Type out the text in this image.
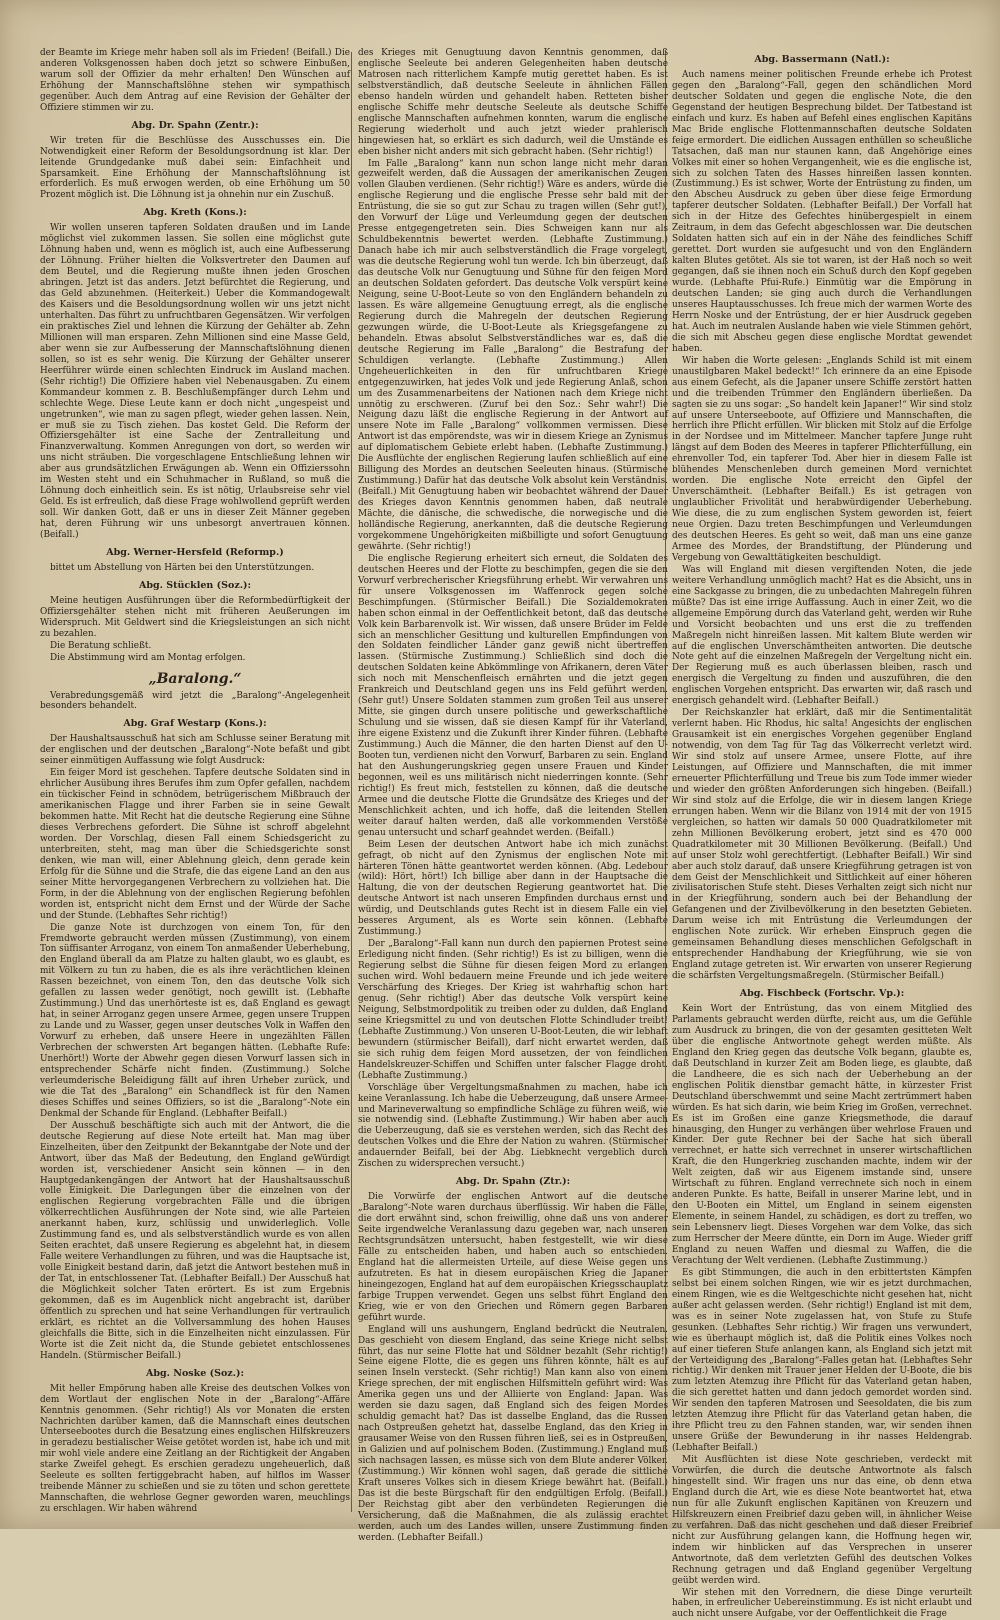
der Beamte im Kriege mehr haben soll als im Frieden! (Beifall.) Die anderen Volksgenossen haben doch jetzt so schwere Einbußen, warum soll der Offizier da mehr erhalten! Den Wünschen auf Erhöhung der Mannschaftslöhne stehen wir sympathisch gegenüber. Auch dem Antrag auf eine Revision der Gehälter der Offiziere stimmen wir zu.

Abg. Dr. Spahn (Zentr.):

Wir treten für die Beschlüsse des Ausschusses ein. Die Notwendigkeit einer Reform der Besoldungsordnung ist klar. Der leitende Grundgedanke muß dabei sein: Einfachheit und Sparsamkeit. Eine Erhöhung der Mannschaftslöhnung ist erforderlich. Es muß erwogen werden, ob eine Erhöhung um 50 Prozent möglich ist. Die Löhnung ist ja ohnehin nur ein Zuschuß.

Abg. Kreth (Kons.):

Wir wollen unseren tapferen Soldaten draußen und im Lande möglichst viel zukommen lassen. Sie sollen eine möglichst gute Löhnung haben und, wenn es möglich ist, auch eine Aufbesserung der Löhnung. Früher hielten die Volksvertreter den Daumen auf dem Beutel, und die Regierung mußte ihnen jeden Groschen abringen. Jetzt ist das anders. Jetzt befürchtet die Regierung, und das Geld abzunehmen. (Heiterkeit.) Ueber die Kommandogewalt des Kaisers und die Besoldungsordnung wollen wir uns jetzt nicht unterhalten. Das führt zu unfruchtbaren Gegensätzen. Wir verfolgen ein praktisches Ziel und lehnen die Kürzung der Gehälter ab. Zehn Millionen will man ersparen. Zehn Millionen sind eine Masse Geld, aber wenn sie zur Aufbesserung der Mannschaftslöhnung dienen sollen, so ist es sehr wenig. Die Kürzung der Gehälter unserer Heerführer würde einen schlechten Eindruck im Ausland machen. (Sehr richtig!) Die Offiziere haben viel Nebenausgaben. Zu einem Kommandeur kommen z. B. Beschlußempfänger durch Lehm und schlechte Wege. Diese Leute kann er doch nicht „ungespeist und ungetrunken“, wie man zu sagen pflegt, wieder gehen lassen. Nein, er muß sie zu Tisch ziehen. Das kostet Geld. Die Reform der Offiziersgehälter ist eine Sache der Zentralleitung und Finanzverwaltung. Kommen Anregungen von dort, so werden wir uns nicht sträuben. Die vorgeschlagene Entschließung lehnen wir aber aus grundsätzlichen Erwägungen ab. Wenn ein Offizierssohn im Westen steht und ein Schuhmacher in Rußland, so muß die Löhnung doch einheitlich sein. Es ist nötig, Urlaubsreise sehr viel Geld. Es ist erfreulich, daß diese Frage wohlwollend geprüft werden soll. Wir danken Gott, daß er uns in dieser Zeit Männer gegeben hat, deren Führung wir uns unbesorgt anvertrauen können. (Beifall.)

Abg. Werner-Hersfeld (Reformp.)

bittet um Abstellung von Härten bei den Unterstützungen.

Abg. Stücklen (Soz.):

Meine heutigen Ausführungen über die Reformbedürftigkeit der Offiziersgehälter stehen nicht mit früheren Aeußerungen im Widerspruch. Mit Geldwert sind die Kriegsleistungen an sich nicht zu bezahlen.

Die Beratung schließt.

Die Abstimmung wird am Montag erfolgen.

„Baralong.“

Verabredungsgemäß wird jetzt die „Baralong“-Angelegenheit besonders behandelt.

Abg. Graf Westarp (Kons.):

Der Haushaltsausschuß hat sich am Schlusse seiner Beratung mit der englischen und der deutschen „Baralong“-Note befaßt und gibt seiner einmütigen Auffassung wie folgt Ausdruck:

Ein feiger Mord ist geschehen. Tapfere deutsche Soldaten sind in ehrlicher Ausübung ihres Berufes ihm zum Opfer gefallen, nachdem ein tückischer Feind in schnödem, betrügerischem Mißbrauch der amerikanischen Flagge und ihrer Farben sie in seine Gewalt bekommen hatte. Mit Recht hat die deutsche Regierung eine Sühne dieses Verbrechens gefordert. Die Sühne ist schroff abgelehnt worden. Der Vorschlag, diesen Fall einem Schiedsgericht zu unterbreiten, steht, mag man über die Schiedsgerichte sonst denken, wie man will, einer Ablehnung gleich, denn gerade kein Erfolg für die Sühne und die Strafe, die das eigene Land an den aus seiner Mitte hervorgegangenen Verbrechern zu vollziehen hat. Die Form, in der die Ablehnung von der englischen Regierung befohlen worden ist, entspricht nicht dem Ernst und der Würde der Sache und der Stunde. (Lebhaftes Sehr richtig!)

Die ganze Note ist durchzogen von einem Ton, für den Fremdworte gebraucht werden müssen (Zustimmung), von einem Ton süffisanter Arroganz, von einem Ton anmaßender Ueberhebung, den England überall da am Platze zu halten glaubt, wo es glaubt, es mit Völkern zu tun zu haben, die es als ihre verächtlichen kleinen Rassen bezeichnet, von einem Ton, den das deutsche Volk sich gefallen zu lassen weder genötigt, noch gewillt ist. (Lebhafte Zustimmung.) Und das unerhörteste ist es, daß England es gewagt hat, in seiner Arroganz gegen unsere Armee, gegen unsere Truppen zu Lande und zu Wasser, gegen unser deutsches Volk in Waffen den Vorwurf zu erheben, daß unsere Heere in ungezählten Fällen Verbrechen der schwersten Art begangen hätten. (Lebhafte Rufe: Unerhört!) Worte der Abwehr gegen diesen Vorwurf lassen sich in entsprechender Schärfe nicht finden. (Zustimmung.) Solche verleumderische Beleidigung fällt auf ihren Urheber zurück, und wie die Tat des „Baralong“ ein Schandfleck ist für den Namen dieses Schiffes und seines Offiziers, so ist die „Baralong“-Note ein Denkmal der Schande für England. (Lebhafter Beifall.)

Der Ausschuß beschäftigte sich auch mit der Antwort, die die deutsche Regierung auf diese Note erteilt hat. Man mag über Einzelheiten, über den Zeitpunkt der Bekanntgabe der Note und der Antwort, über das Maß der Bedeutung, den England geWürdigt worden ist, verschiedener Ansicht sein können — in den Hauptgedankengängen der Antwort hat der Haushaltsausschuß volle Einigkeit. Die Darlegungen über die einzelnen von der englischen Regierung vorgebrachten Fälle und die übrigen völkerrechtlichen Ausführungen der Note sind, wie alle Parteien anerkannt haben, kurz, schlüssig und unwiderleglich. Volle Zustimmung fand es, und als selbstverständlich wurde es von allen Seiten erachtet, daß unsere Regierung es abgelehnt hat, in diesem Falle weitere Verhandlungen zu führen, und was die Hauptsache ist, volle Einigkeit bestand darin, daß jetzt die Antwort bestehen muß in der Tat, in entschlossener Tat. (Lebhafter Beifall.) Der Ausschuß hat die Möglichkeit solcher Taten erörtert. Es ist zum Ergebnis gekommen, daß es im Augenblick nicht angebracht ist, darüber öffentlich zu sprechen und hat seine Verhandlungen für vertraulich erklärt, es richtet an die Vollversammlung des hohen Hauses gleichfalls die Bitte, sich in die Einzelheiten nicht einzulassen. Für Worte ist die Zeit nicht da, die Stunde gebietet entschlossenes Handeln. (Stürmischer Beifall.)

Abg. Noske (Soz.):

Mit heller Empörung haben alle Kreise des deutschen Volkes von dem Wortlaut der englischen Note in der „Baralong“-Affäre Kenntnis genommen. (Sehr richtig!) Als vor Monaten die ersten Nachrichten darüber kamen, daß die Mannschaft eines deutschen Unterseebootes durch die Besatzung eines englischen Hilfskreuzers in geradezu bestialischer Weise getötet worden ist, habe ich und mit mir wohl viele andere eine Zeitlang an der Richtigkeit der Angaben starke Zweifel gehegt. Es erschien geradezu ungeheuerlich, daß Seeleute es sollten fertiggebracht haben, auf hilflos im Wasser treibende Männer zu schießen und sie zu töten und schon gerettete Mannschaften, die wehrlose Gegner geworden waren, meuchlings zu erschlagen. Wir haben während

des Krieges mit Genugtuung davon Kenntnis genommen, daß englische Seeleute bei anderen Gelegenheiten haben deutsche Matrosen nach ritterlichem Kampfe mutig gerettet haben. Es ist selbstverständlich, daß deutsche Seeleute in ähnlichen Fällen ebenso handeln würden und gehandelt haben. Retteten bisher englische Schiffe mehr deutsche Seeleute als deutsche Schiffe englische Mannschaften aufnehmen konnten, warum die englische Regierung wiederholt und auch jetzt wieder prahlerisch hingewiesen hat, so erklärt es sich dadurch, weil die Umstände es eben bisher nicht anders mit sich gebracht haben. (Sehr richtig!)

Im Falle „Baralong“ kann nun schon lange nicht mehr daran gezweifelt werden, daß die Aussagen der amerikanischen Zeugen vollen Glauben verdienen. (Sehr richtig!) Wäre es anders, würde die englische Regierung und die englische Presse sehr bald mit der Entrüstung, die sie so gut zur Schau zu tragen willen (Sehr gut!), den Vorwurf der Lüge und Verleumdung gegen der deutschen Presse entgegengetreten sein. Dies Schweigen kann nur als Schuldbekenntnis bewertet werden. (Lebhafte Zustimmung.) Danach habe ich mir auch selbstverständlich die Frage vorgelegt, was die deutsche Regierung wohl tun werde. Ich bin überzeugt, daß das deutsche Volk nur Genugtuung und Sühne für den feigen Mord an deutschen Soldaten gefordert. Das deutsche Volk verspürt keine Neigung, seine U-Boot-Leute so von den Engländern behandeln zu lassen. Es wäre allgemeine Genugtuung erregt, als die englische Regierung durch die Mahregeln der deutschen Regierung gezwungen würde, die U-Boot-Leute als Kriegsgefangene zu behandeln. Etwas absolut Selbstverständliches war es, daß die deutsche Regierung im Falle „Baralong“ die Bestrafung der Schuldigen verlangte. (Lebhafte Zustimmung.) Allen Ungeheuerlichkeiten in den für unfruchtbaren Kriege entgegenzuwirken, hat jedes Volk und jede Regierung Anlaß, schon um des Zusammenarbeitens der Nationen nach dem Kriege nicht unnötig zu erschweren. (Zuruf bei den Soz.: Sehr wahr!) Die Neigung dazu läßt die englische Regierung in der Antwort auf unsere Note im Falle „Baralong“ vollkommen vermissen. Diese Antwort ist das empörendste, was wir in diesem Kriege an Zynismus auf diplomatischem Gebiete erlebt haben. (Lebhafte Zustimmung.) Die Ausflüchte der englischen Regierung laufen schließlich auf eine Billigung des Mordes an deutschen Seeleuten hinaus. (Stürmische Zustimmung.) Dafür hat das deutsche Volk absolut kein Verständnis. (Beifall.) Mit Genugtuung haben wir beobachtet während der Dauer des Krieges davon Kenntnis genommen haben, daß neutrale Mächte, die dänische, die schwedische, die norwegische und die holländische Regierung, anerkannten, daß die deutsche Regierung vorgekommene Ungehörigkeiten mißbilligte und sofort Genugtuung gewährte. (Sehr richtig!)

Die englische Regierung erheitert sich erneut, die Soldaten des deutschen Heeres und der Flotte zu beschimpfen, gegen die sie den Vorwurf verbrecherischer Kriegsführung erhebt. Wir verwahren uns für unsere Volksgenossen im Waffenrock gegen solche Beschimpfungen. (Stürmischer Beifall.) Die Sozialdemokraten haben schon einmal in der Oeffentlichkeit betont, daß das deutsche Volk kein Barbarenvolk ist. Wir wissen, daß unsere Brüder im Felde sich an menschlicher Gesittung und kulturellen Empfindungen von den Soldaten feindlicher Länder ganz gewiß nicht übertreffen lassen. (Stürmische Zustimmung.) Schließlich sind doch die deutschen Soldaten keine Abkömmlinge von Afrikanern, deren Väter sich noch mit Menschenfleisch ernährten und die jetzt gegen Frankreich und Deutschland gegen uns ins Feld geführt werden. (Sehr gut!) Unsere Soldaten stammen zum großen Teil aus unserer Mitte, sie gingen durch unsere politische und gewerkschaftliche Schulung und sie wissen, daß sie diesen Kampf für ihr Vaterland, ihre eigene Existenz und die Zukunft ihrer Kinder führen. (Lebhafte Zustimmung.) Auch die Männer, die den harten Dienst auf den U-Booten tun, verdienen nicht den Vorwurf, Barbaren zu sein. England hat den Aushungerungskrieg gegen unsere Frauen und Kinder begonnen, weil es uns militärisch nicht niederringen konnte. (Sehr richtig!) Es freut mich, feststellen zu können, daß die deutsche Armee und die deutsche Flotte die Grundsätze des Krieges und der Menschlichkeit achten, und ich hoffe, daß die leitenden Stellen weiter darauf halten werden, daß alle vorkommenden Verstöße genau untersucht und scharf geahndet werden. (Beifall.)

Beim Lesen der deutschen Antwort habe ich mich zunächst gefragt, ob nicht auf den Zynismus der englischen Note mit härteren Tönen hätte geantwortet werden können. (Abg. Ledebour (wild): Hört, hört!) Ich billige aber dann in der Hauptsache die Haltung, die von der deutschen Regierung geantwortet hat. Die deutsche Antwort ist nach unseren Empfinden durchaus ernst und würdig, und Deutschlands gutes Recht ist in diesem Falle ein viel besseres Argument, als es Worte sein können. (Lebhafte Zustimmung.)

Der „Baralong“-Fall kann nun durch den papiernen Protest seine Erledigung nicht finden. (Sehr richtig!) Es ist zu billigen, wenn die Regierung selbst die Sühne für diesen feigen Mord zu erlangen suchen wird. Wohl bedauern meine Freunde und ich jede weitere Verschärfung des Krieges. Der Krieg ist wahrhaftig schon hart genug. (Sehr richtig!) Aber das deutsche Volk verspürt keine Neigung, Selbstmordpolitik zu treiben oder zu dulden, daß England seine Kriegsmittel zu und von deutschen Flotte Schindluder treibt! (Lebhafte Zustimmung.) Von unseren U-Boot-Leuten, die wir lebhaft bewundern (stürmischer Beifall), darf nicht erwartet werden, daß sie sich ruhig dem feigen Mord aussetzen, der von feindlichen Handelskreuzer-Schiffen und Schiffen unter falscher Flagge droht. (Lebhafte Zustimmung.)

Vorschläge über Vergeltungsmaßnahmen zu machen, habe ich keine Veranlassung. Ich habe die Ueberzeugung, daß unsere Armee- und Marineverwaltung so empfindliche Schläge zu führen weiß, wie sie notwendig sind. (Lebhafte Zustimmung.) Wir haben aber auch die Ueberzeugung, daß sie es verstehen werden, sich das Recht des deutschen Volkes und die Ehre der Nation zu wahren. (Stürmischer andauernder Beifall, bei der Abg. Liebknecht vergeblich durch Zischen zu widersprechen versucht.)

Abg. Dr. Spahn (Ztr.):

Die Vorwürfe der englischen Antwort auf die deutsche „Baralong“-Note waren durchaus überflüssig. Wir haben die Fälle, die dort erwähnt sind, schon freiwillig, ohne daß uns von anderer Seite irgendwelche Veranlassung dazu gegeben war, nach unseren Rechtsgrundsätzen untersucht, haben festgestellt, wie wir diese Fälle zu entscheiden haben, und haben auch so entschieden. England hat die allermeisten Urteile, auf diese Weise gegen uns aufzutreten. Es hat in diesem europäischen Krieg die Japaner hineingezogen, England hat auf dem europäischen Kriegsschauplatz farbige Truppen verwendet. Gegen uns selbst führt England den Krieg, wie er von den Griechen und Römern gegen Barbaren geführt wurde.

England will uns aushungern, England bedrückt die Neutralen. Das geschieht von diesem England, das seine Kriege nicht selbst führt, das nur seine Flotte hat und Söldner bezahlt (Sehr richtig!) Seine eigene Flotte, die es gegen uns führen könnte, hält es auf seinen Inseln versteckt. (Sehr richtig!) Man kann also von einem Kriege sprechen, der mit englischen Hilfsmitteln geführt wird: Was Amerika gegen uns und der Alliierte von England: Japan. Was werden sie dazu sagen, daß England sich des feigen Mordes schuldig gemacht hat? Das ist dasselbe England, das die Russen nach Ostpreußen gehetzt hat, dasselbe England, das den Krieg in grausamer Weise von den Russen führen ließ, sei es in Ostpreußen, in Galizien und auf polnischem Boden. (Zustimmung.) England muß sich nachsagen lassen, es müsse sich von dem Blute anderer Völker. (Zustimmung.) Wir können wohl sagen, daß gerade die sittliche Kraft unseres Volkes sich in diesem Kriege bewährt hat. (Beifall.) Das ist die beste Bürgschaft für den endgültigen Erfolg. (Beifall.) Der Reichstag gibt aber den verbündeten Regierungen die Versicherung, daß die Maßnahmen, die als zulässig erachtet werden, auch um des Landes willen, unsere Zustimmung finden werden. (Lebhafter Beifall.)

Abg. Bassermann (Natl.):

Auch namens meiner politischen Freunde erhebe ich Protest gegen den „Baralong“-Fall, gegen den schändlichen Mord deutscher Soldaten und gegen die englische Note, die den Gegenstand der heutigen Besprechung bildet. Der Tatbestand ist einfach und kurz. Es haben auf Befehl eines englischen Kapitäns Mac Bride englische Flottenmannschaften deutsche Soldaten feige ermordert. Die eidlichen Aussagen enthüllen so scheußliche Tatsachen, daß man nur staunen kann, daß Angehörige eines Volkes mit einer so hohen Vergangenheit, wie es die englische ist, sich zu solchen Taten des Hasses hinreißen lassen konnten. (Zustimmung.) Es ist schwer, Worte der Entrüstung zu finden, um den Abscheu Ausdruck zu geben über diese feige Ermordung tapferer deutscher Soldaten. (Lebhafter Beifall.) Der Vorfall hat sich in der Hitze des Gefechtes hinübergespielt in einem Zeitraum, in dem das Gefecht abgeschlossen war. Die deutschen Soldaten hatten sich auf ein in der Nähe des feindliches Schiff gerettet. Dort wurden sie aufgesucht und von den Engländern kalten Blutes getötet. Als sie tot waren, ist der Haß noch so weit gegangen, daß sie ihnen noch ein Schuß durch den Kopf gegeben wurde. (Lebhafte Pfui-Rufe.) Einmütig war die Empörung in deutschen Landen; sie ging auch durch die Verhandlungen unseres Hauptausschusses. Ich freue mich der warmen Worte des Herrn Noske und der Entrüstung, der er hier Ausdruck gegeben hat. Auch im neutralen Auslande haben wie viele Stimmen gehört, die sich mit Abscheu gegen diese englische Mordtat gewendet haben.

Wir haben die Worte gelesen: „Englands Schild ist mit einem unaustilgbaren Makel bedeckt!“ Ich erinnere da an eine Episode aus einem Gefecht, als die Japaner unsere Schiffe zerstört hatten und die treibenden Trümmer den Engländern überließen. Da sagten sie zu uns sogar: „So handelt kein Japaner!“ Wir sind stolz auf unsere Unterseeboote, auf Offiziere und Mannschaften, die herrlich ihre Pflicht erfüllen. Wir blicken mit Stolz auf die Erfolge in der Nordsee und im Mittelmeer. Mancher tapfere Junge ruht längst auf dem Boden des Meeres in tapferer Pflichterfüllung, ein ehrenvoller Tod, ein tapferer Tod. Aber hier in diesem Falle ist blühendes Menschenleben durch gemeinen Mord vernichtet worden. Die englische Note erreicht den Gipfel der Unverschämtheit. (Lebhafter Beifall.) Es ist getragen von unglaublicher Frivolität und herabwürdigender Ueberhebung. Wie diese, die zu zum englischen System geworden ist, feiert neue Orgien. Dazu treten Beschimpfungen und Verleumdungen des deutschen Heeres. Es geht so weit, daß man uns eine ganze Armee des Mordes, der Brandstiftung, der Plünderung und Vergebung von Gewalttätigkeiten beschuldigt.

Was will England mit diesen vergiftenden Noten, die jede weitere Verhandlung unmöglich macht? Hat es die Absicht, uns in eine Sackgasse zu bringen, die zu unbedachten Mahregeln führen müßte? Das ist eine irrige Auffassung. Auch in einer Zeit, wo die allgemeine Empörung durch das Vaterland geht, werden wir Ruhe und Vorsicht beobachten und uns erst die zu treffenden Maßregeln nicht hinreißen lassen. Mit kaltem Blute werden wir auf die englischen Unverschämtheiten antworten. Die deutsche Note geht auf die einzelnen Maßregeln der Vergeltung nicht ein. Der Regierung muß es auch überlassen bleiben, rasch und energisch die Vergeltung zu finden und auszuführen, die den englischen Vorgehen entspricht. Das erwarten wir, daß rasch und energisch gehandelt wird. (Lebhafter Beifall.)

Der Reichskanzler hat erklärt, daß mir die Sentimentalität verlernt haben. Hic Rhodus, hic salta! Angesichts der englischen Grausamkeit ist ein energisches Vorgehen gegenüber England notwendig, von dem Tag für Tag das Völkerrecht verletzt wird. Wir sind stolz auf unsere Armee, unsere Flotte, auf ihre Leistungen, auf Offiziere und Mannschaften, die mit immer erneuerter Pflichterfüllung und Treue bis zum Tode immer wieder und wieder den größten Anforderungen sich hingeben. (Beifall.) Wir sind stolz auf die Erfolge, die wir in diesem langen Kriege errungen haben. Wenn wir die Bilanz von 1914 mit der von 1915 vergleichen, so hatten wir damals 50 000 Quadratkilometer mit zehn Millionen Bevölkerung erobert, jetzt sind es 470 000 Quadratkilometer mit 30 Millionen Bevölkerung. (Beifall.) Und auf unser Stolz wohl gerechtfertigt. (Lebhafter Beifall.) Wir sind aber auch stolz darauf, daß unsere Kriegführung getragen ist von dem Geist der Menschlichkeit und Sittlichkeit auf einer höheren zivilisatorischen Stufe steht. Dieses Verhalten zeigt sich nicht nur in der Kriegführung, sondern auch bei der Behandlung der Gefangenen und der Zivilbevölkerung in den besetzten Gebieten. Darum weise ich mit Entrüstung die Verleumdungen der englischen Note zurück. Wir erheben Einspruch gegen die gemeinsamen Behandlung dieses menschlichen Gefolgschaft in entsprechender Handhabung der Kriegführung, wie sie von England zutage getreten ist. Wir erwarten von unserer Regierung die schärfsten Vergeltungsmaßregeln. (Stürmischer Beifall.)

Abg. Fischbeck (Fortschr. Vp.):

Kein Wort der Entrüstung, das von einem Mitglied des Parlaments gebraucht werden dürfte, reicht aus, um die Gefühle zum Ausdruck zu bringen, die von der gesamten gesitteten Welt über die englische Antwortnote gehegt werden müßte. Als England den Krieg gegen das deutsche Volk begann, glaubte es, daß Deutschland in kurzer Zeit am Boden liege, es glaubte, daß die Landheere, die es sich nach der Ueberhebung an der englischen Politik dienstbar gemacht hätte, in kürzester Frist Deutschland überschwemmt und seine Macht zertrümmert haben würden. Es hat sich darin, wie beim Krieg im Großen, verrechnet. Es ist im Großen eine ganze Kriegsmethode, die darauf hinausging, den Hunger zu verhängen über wehrlose Frauen und Kinder. Der gute Rechner bei der Sache hat sich überall verrechnet, er hatte sich verrechnet in unserer wirtschaftlichen Kraft, die den Hungerkrieg zuschanden machte, indem wir der Welt zeigten, daß wir aus Eigenem imstande sind, unsere Wirtschaft zu führen. England verrechnete sich noch in einem anderen Punkte. Es hatte, Beifall in unserer Marine lebt, und in den U-Booten ein Mittel, um England in seinem eigensten Elemente, in seinem Handel, zu schädigen, es dort zu treffen, wo sein Lebensnerv liegt. Dieses Vorgehen war dem Volke, das sich zum Herrscher der Meere düntte, ein Dorn im Auge. Wieder griff England zu neuen Waffen und diesmal zu Waffen, die die Verachtung der Welt verdienen. (Lebhafte Zustimmung.)

Es gibt Stimmungen, die auch in den erbittertsten Kämpfen selbst bei einem solchen Ringen, wie wir es jetzt durchmachen, einem Ringen, wie es die Weltgeschichte nicht gesehen hat, nicht außer acht gelassen werden. (Sehr richtig!) England ist mit dem, was es in seiner Note zugelassen hat, von Stufe zu Stufe gesunken. (Lebhaftes Sehr richtig.) Wir fragen uns verwundert, wie es überhaupt möglich ist, daß die Politik eines Volkes noch auf einer tieferen Stufe anlangen kann, als England sich jetzt mit der Verteidigung des „Baralong“-Falles getan hat. (Lebhaftes Sehr richtig.) Wir denken mit Trauer jener Helden der U-Boote, die bis zum letzten Atemzug ihre Pflicht für das Vaterland getan haben, die sich gerettet hatten und dann jedoch gemordet worden sind. Wir senden den tapferen Matrosen und Seesoldaten, die bis zum letzten Atemzug ihre Pflicht für das Vaterland getan haben, die ihre Pflicht treu zu den Fahnen standen, war, wir senden ihnen unsere Grüße der Bewunderung in ihr nasses Heldengrab. (Lebhafter Beifall.)

Mit Ausflüchten ist diese Note geschrieben, verdeckt mit Vorwürfen, die durch die deutsche Antwortnote als falsch hingestellt sind. Wir fragen uns nur das eine, ob denn etwa England durch die Art, wie es diese Note beantwortet hat, etwa nun für alle Zukunft englischen Kapitänen von Kreuzern und Hilfskreuzern einen Freibrief dazu geben will, in ähnlicher Weise zu verfahren. Daß das nicht geschehen und daß dieser Freibrief nicht zur Ausführung gelangen kann, die Hoffnung hegen wir, indem wir hinblicken auf das Versprechen in unserer Antwortnote, daß dem verletzten Gefühl des deutschen Volkes Rechnung getragen und daß England gegenüber Vergeltung geübt werden wird.

Wir stehen mit den Vorrednern, die diese Dinge verurteilt haben, in erfreulicher Uebereinstimmung. Es ist nicht erlaubt und auch nicht unsere Aufgabe, vor der Oeffentlichkeit die Frage
